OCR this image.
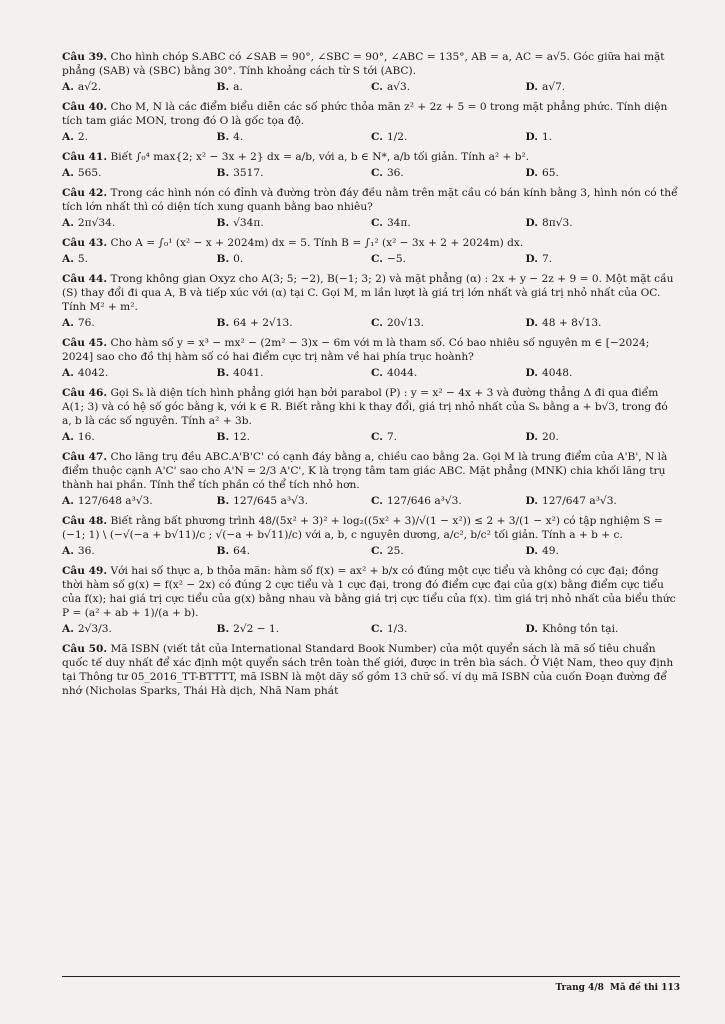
Câu 39. Cho hình chóp S.ABC có ∠SAB = 90°, ∠SBC = 90°, ∠ABC = 135°, AB = a, AC = a√5. Góc giữa hai mặt phẳng (SAB) và (SBC) bằng 30°. Tính khoảng cách từ S tới (ABC).
A. a√2.	B. a.	C. a√3.	D. a√7.
Câu 40. Cho M, N là các điểm biểu diễn các số phức thỏa mãn z² + 2z + 5 = 0 trong mặt phẳng phức. Tính diện tích tam giác MON, trong đó O là gốc tọa độ.
A. 2.	B. 4.	C. 1/2.	D. 1.
Câu 41. Biết ∫₀⁴ max{2; x² − 3x + 2} dx = a/b, với a, b ∈ N*, a/b tối giản. Tính a² + b².
A. 565.	B. 3517.	C. 36.	D. 65.
Câu 42. Trong các hình nón có đỉnh và đường tròn đáy đều nằm trên mặt cầu có bán kính bằng 3, hình nón có thể tích lớn nhất thì có diện tích xung quanh bằng bao nhiêu?
A. 2π√34.	B. √34π.	C. 34π.	D. 8π√3.
Câu 43. Cho A = ∫₀¹ (x² − x + 2024m) dx = 5. Tính B = ∫₁² (x² − 3x + 2 + 2024m) dx.
A. 5.	B. 0.	C. −5.	D. 7.
Câu 44. Trong không gian Oxyz cho A(3; 5; −2), B(−1; 3; 2) và mặt phẳng (α) : 2x + y − 2z + 9 = 0. Một mặt cầu (S) thay đổi đi qua A, B và tiếp xúc với (α) tại C. Gọi M, m lần lượt là giá trị lớn nhất và giá trị nhỏ nhất của OC. Tính M² + m².
A. 76.	B. 64 + 2√13.	C. 20√13.	D. 48 + 8√13.
Câu 45. Cho hàm số y = x³ − mx² − (2m² − 3)x − 6m với m là tham số. Có bao nhiêu số nguyên m ∈ [−2024; 2024] sao cho đồ thị hàm số có hai điểm cực trị nằm về hai phía trục hoành?
A. 4042.	B. 4041.	C. 4044.	D. 4048.
Câu 46. Gọi Sₖ là diện tích hình phẳng giới hạn bởi parabol (P) : y = x² − 4x + 3 và đường thẳng Δ đi qua điểm A(1; 3) và có hệ số góc bằng k, với k ∈ R. Biết rằng khi k thay đổi, giá trị nhỏ nhất của Sₖ bằng a + b√3, trong đó a, b là các số nguyên. Tính a² + 3b.
A. 16.	B. 12.	C. 7.	D. 20.
Câu 47. Cho lăng trụ đều ABC.A'B'C' có cạnh đáy bằng a, chiều cao bằng 2a. Gọi M là trung điểm của A'B', N là điểm thuộc cạnh A'C' sao cho A'N = 2/3 A'C', K là trọng tâm tam giác ABC. Mặt phẳng (MNK) chia khối lăng trụ thành hai phần. Tính thể tích phần có thể tích nhỏ hơn.
A. 127/648 a³√3.	B. 127/645 a³√3.	C. 127/646 a³√3.	D. 127/647 a³√3.
Câu 48. Biết rằng bất phương trình 48/(5x² + 3)² + log₂((5x² + 3)/√(1 − x²)) ≤ 2 + 3/(1 − x²) có tập nghiệm S = (−1; 1) \ (−√(−a + b√11)/c ; √(−a + b√11)/c) với a, b, c nguyên dương, a/c², b/c² tối giản. Tính a + b + c.
A. 36.	B. 64.	C. 25.	D. 49.
Câu 49. Với hai số thực a, b thỏa mãn: hàm số f(x) = ax² + b/x có đúng một cực tiểu và không có cực đại; đồng thời hàm số g(x) = f(x² − 2x) có đúng 2 cực tiểu và 1 cực đại, trong đó điểm cực đại của g(x) bằng điểm cực tiểu của f(x); hai giá trị cực tiểu của g(x) bằng nhau và bằng giá trị cực tiểu của f(x). tìm giá trị nhỏ nhất của biểu thức P = (a² + ab + 1)/(a + b).
A. 2√3/3.	B. 2√2 − 1.	C. 1/3.	D. Không tồn tại.
Câu 50. Mã ISBN (viết tắt của International Standard Book Number) của một quyển sách là mã số tiêu chuẩn quốc tế duy nhất để xác định một quyển sách trên toàn thế giới, được in trên bìa sách. Ở Việt Nam, theo quy định tại Thông tư 05_2016_TT-BTTTT, mã ISBN là một dãy số gồm 13 chữ số. ví dụ mã ISBN của cuốn Đoạn đường để nhớ (Nicholas Sparks, Thái Hà dịch, Nhã Nam phát
Trang 4/8 Mã đề thi 113
